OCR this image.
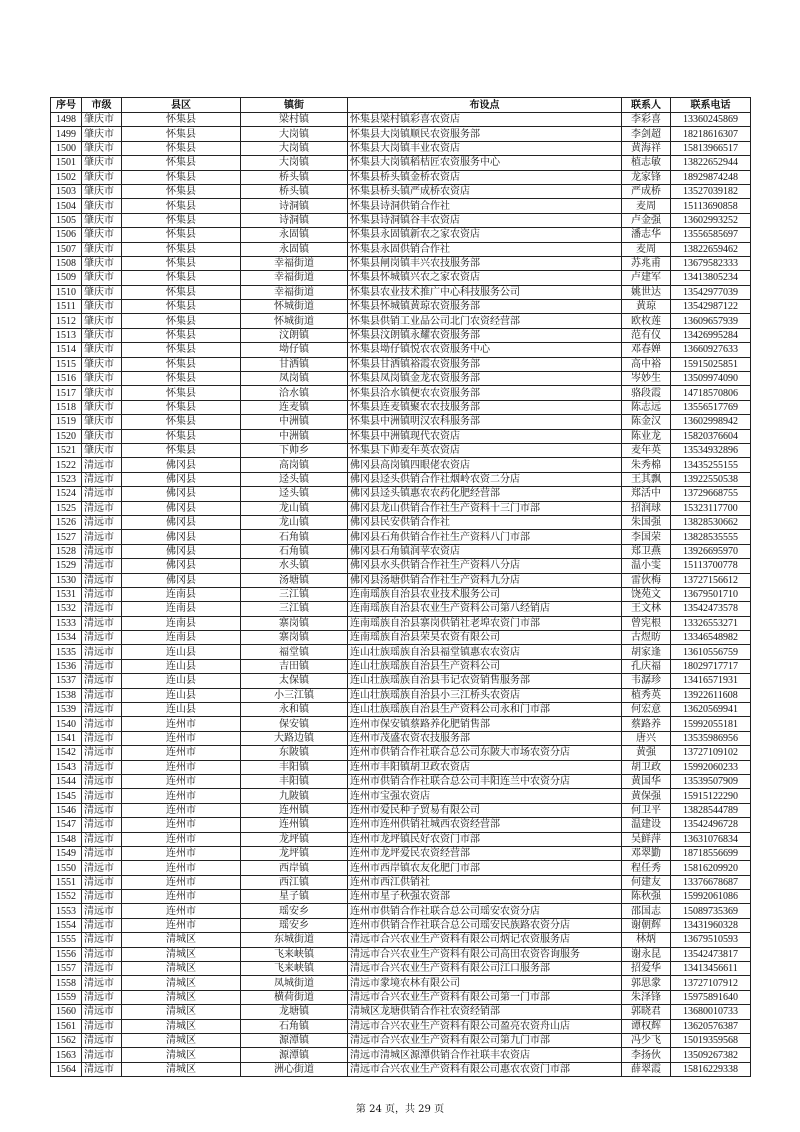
序号	市级	县区	镇街	布设点	联系人	联系电话
1498	肇庆市	怀集县	梁村镇	怀集县梁村镇彩喜农资店	李彩喜	13360245869
1499	肇庆市	怀集县	大岗镇	怀集县大岗镇顺民农资服务部	李剑超	18218616307
1500	肇庆市	怀集县	大岗镇	怀集县大岗镇丰业农资店	黄海祥	15813966517
1501	肇庆市	怀集县	大岗镇	怀集县大岗镇稻桔匠农资服务中心	植志敏	13822652944
1502	肇庆市	怀集县	桥头镇	怀集县桥头镇金桥农资店	龙家锋	18929874248
1503	肇庆市	怀集县	桥头镇	怀集县桥头镇严成桥农资店	严成桥	13527039182
1504	肇庆市	怀集县	诗洞镇	怀集县诗洞供销合作社	麦周	15113690858
1505	肇庆市	怀集县	诗洞镇	怀集县诗洞镇谷丰农资店	卢金强	13602993252
1506	肇庆市	怀集县	永固镇	怀集县永固镇新农之家农资店	潘志华	13556585697
1507	肇庆市	怀集县	永固镇	怀集县永固供销合作社	麦周	13822659462
1508	肇庆市	怀集县	幸福街道	怀集县闸岗镇丰兴农技服务部	苏兆甫	13679582333
1509	肇庆市	怀集县	幸福街道	怀集县怀城镇兴农之家农资店	卢建军	13413805234
1510	肇庆市	怀集县	幸福街道	怀集县农业技术推广中心科技服务公司	姚世达	13542977039
1511	肇庆市	怀集县	怀城街道	怀集县怀城镇黄琼农资服务部	黄琼	13542987122
1512	肇庆市	怀集县	怀城街道	怀集县供销工业品公司北门农资经营部	欧枚莲	13609657939
1513	肇庆市	怀集县	汶朗镇	怀集县汶朗镇永耀农资服务部	范有仪	13426995284
1514	肇庆市	怀集县	坳仔镇	怀集县坳仔镇悦农农资服务中心	邓春婵	13660927633
1515	肇庆市	怀集县	甘洒镇	怀集县甘洒镇裕霞农资服务部	高中裕	15915025851
1516	肇庆市	怀集县	凤岗镇	怀集县凤岗镇金龙农资服务部	岑妙生	13509974090
1517	肇庆市	怀集县	洽水镇	怀集县洽水镇便农农资服务部	骆段霞	14718570806
1518	肇庆市	怀集县	连麦镇	怀集县连麦镇聚农农技服务部	陈志远	13556517769
1519	肇庆市	怀集县	中洲镇	怀集县中洲镇明汉农科服务部	陈金汉	13602998942
1520	肇庆市	怀集县	中洲镇	怀集县中洲镇现代农资店	陈业龙	15820376604
1521	肇庆市	怀集县	下帅乡	怀集县下帅麦年英农资店	麦年英	13534932896
1522	清远市	佛冈县	高岗镇	佛冈县高岗镇四眼佬农资店	朱秀棉	13435255155
1523	清远市	佛冈县	迳头镇	佛冈县迳头供销合作社烟岭农资二分店	王其飘	13922550538
1524	清远市	佛冈县	迳头镇	佛冈县迳头镇惠农农药化肥经营部	郑活中	13729668755
1525	清远市	佛冈县	龙山镇	佛冈县龙山供销合作社生产资料十三门市部	招润球	15323117700
1526	清远市	佛冈县	龙山镇	佛冈县民安供销合作社	朱国强	13828530662
1527	清远市	佛冈县	石角镇	佛冈县石角供销合作社生产资料八门市部	李国荣	13828535555
1528	清远市	佛冈县	石角镇	佛冈县石角镇润苹农资店	郑卫燕	13926695970
1529	清远市	佛冈县	水头镇	佛冈县水头供销合作社生产资料八分店	温小雯	15113700778
1530	清远市	佛冈县	汤塘镇	佛冈县汤塘供销合作社生产资料九分店	雷伙梅	13727156612
1531	清远市	连南县	三江镇	连南瑶族自治县农业技术服务公司	饶苑文	13679501710
1532	清远市	连南县	三江镇	连南瑶族自治县农业生产资料公司第八经销店	王文林	13542473578
1533	清远市	连南县	寨岗镇	连南瑶族自治县寨岗供销社老埠农资门市部	曾宪根	13326553271
1534	清远市	连南县	寨岗镇	连南瑶族自治县荣昊农资有限公司	古煜昉	13346548982
1535	清远市	连山县	福堂镇	连山壮族瑶族自治县福堂镇惠农农资店	胡家逢	13610556759
1536	清远市	连山县	吉田镇	连山壮族瑶族自治县生产资料公司	孔庆福	18029717717
1537	清远市	连山县	太保镇	连山壮族瑶族自治县韦记农资销售服务部	韦潺珍	13416571931
1538	清远市	连山县	小三江镇	连山壮族瑶族自治县小三江桥头农资店	植秀英	13922611608
1539	清远市	连山县	永和镇	连山壮族瑶族自治县生产资料公司永和门市部	何宏意	13620569941
1540	清远市	连州市	保安镇	连州市保安镇蔡路养化肥销售部	蔡路养	15992055181
1541	清远市	连州市	大路边镇	连州市茂盛农资农技服务部	唐兴	13535986956
1542	清远市	连州市	东陂镇	连州市供销合作社联合总公司东陂大市场农资分店	黄强	13727109102
1543	清远市	连州市	丰阳镇	连州市丰阳镇胡卫政农资店	胡卫政	15992060233
1544	清远市	连州市	丰阳镇	连州市供销合作社联合总公司丰阳连兰中农资分店	黄国华	13539507909
1545	清远市	连州市	九陂镇	连州市宝强农资店	黄保强	15915122290
1546	清远市	连州市	连州镇	连州市爱民种子贸易有限公司	何卫平	13828544789
1547	清远市	连州市	连州镇	连州市连州供销社城西农资经营部	温建设	13542496728
1548	清远市	连州市	龙坪镇	连州市龙坪镇民好农资门市部	吴鲜萍	13631076834
1549	清远市	连州市	龙坪镇	连州市龙坪爱民农资经营部	邓翠勤	18718556699
1550	清远市	连州市	西岸镇	连州市西岸镇农友化肥门市部	程任秀	15816209920
1551	清远市	连州市	西江镇	连州市西江供销社	何建友	13376678687
1552	清远市	连州市	星子镇	连州市星子秋强农资部	陈秋强	15992061086
1553	清远市	连州市	瑶安乡	连州市供销合作社联合总公司瑶安农资分店	邵国志	15089735369
1554	清远市	连州市	瑶安乡	连州市供销合作社联合总公司瑶安民族路农资分店	谢朝辉	13431960328
1555	清远市	清城区	东城街道	清远市合兴农业生产资料有限公司炳记农资服务店	林炳	13679510593
1556	清远市	清城区	飞来峡镇	清远市合兴农业生产资料有限公司高田农资咨询服务	谢永昆	13542473817
1557	清远市	清城区	飞来峡镇	清远市合兴农业生产资料有限公司江口服务部	招爱华	13413456611
1558	清远市	清城区	凤城街道	清远市䝉境农林有限公司	郭思䝉	13727107912
1559	清远市	清城区	横荷街道	清远市合兴农业生产资料有限公司第一门市部	朱泽锋	15975891640
1560	清远市	清城区	龙塘镇	清城区龙塘供销合作社农资经销部	郭晓君	13680010733
1561	清远市	清城区	石角镇	清远市合兴农业生产资料有限公司盈亮农资舟山店	谭权辉	13620576387
1562	清远市	清城区	源潭镇	清远市合兴农业生产资料有限公司第九门市部	冯少飞	15019359568
1563	清远市	清城区	源潭镇	清远市清城区源潭供销合作社联丰农资店	李扬伙	13509267382
1564	清远市	清城区	洲心街道	清远市合兴农业生产资料有限公司惠农农资门市部	薛翠霞	15816229338
第 24 页，共 29 页
